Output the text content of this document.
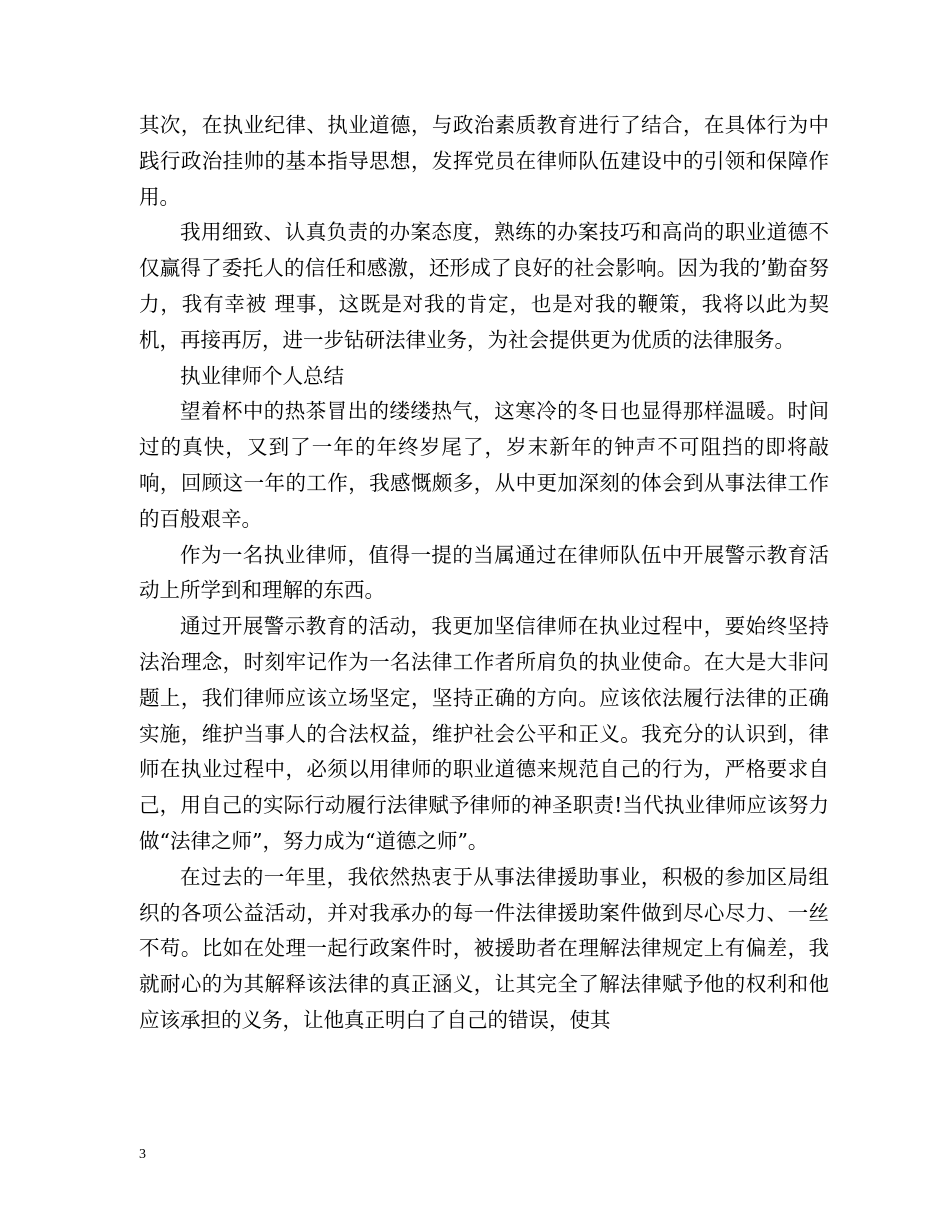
其次，在执业纪律、执业道德，与政治素质教育进行了结合，在具体行为中践行政治挂帅的基本指导思想，发挥党员在律师队伍建设中的引领和保障作用。

我用细致、认真负责的办案态度，熟练的办案技巧和高尚的职业道德不仅赢得了委托人的信任和感激，还形成了良好的社会影响。因为我的’勤奋努力，我有幸被 理事，这既是对我的肯定，也是对我的鞭策，我将以此为契机，再接再厉，进一步钻研法律业务，为社会提供更为优质的法律服务。

执业律师个人总结

望着杯中的热茶冒出的缕缕热气，这寒冷的冬日也显得那样温暖。时间过的真快，又到了一年的年终岁尾了，岁末新年的钟声不可阻挡的即将敲响，回顾这一年的工作，我感慨颇多，从中更加深刻的体会到从事法律工作的百般艰辛。

作为一名执业律师，值得一提的当属通过在律师队伍中开展警示教育活动上所学到和理解的东西。

通过开展警示教育的活动，我更加坚信律师在执业过程中，要始终坚持法治理念，时刻牢记作为一名法律工作者所肩负的执业使命。在大是大非问题上，我们律师应该立场坚定，坚持正确的方向。应该依法履行法律的正确实施，维护当事人的合法权益，维护社会公平和正义。我充分的认识到，律师在执业过程中，必须以用律师的职业道德来规范自己的行为，严格要求自己，用自己的实际行动履行法律赋予律师的神圣职责!当代执业律师应该努力做“法律之师”，努力成为“道德之师”。

在过去的一年里，我依然热衷于从事法律援助事业，积极的参加区局组织的各项公益活动，并对我承办的每一件法律援助案件做到尽心尽力、一丝不苟。比如在处理一起行政案件时，被援助者在理解法律规定上有偏差，我就耐心的为其解释该法律的真正涵义，让其完全了解法律赋予他的权利和他应该承担的义务，让他真正明白了自己的错误，使其

3
